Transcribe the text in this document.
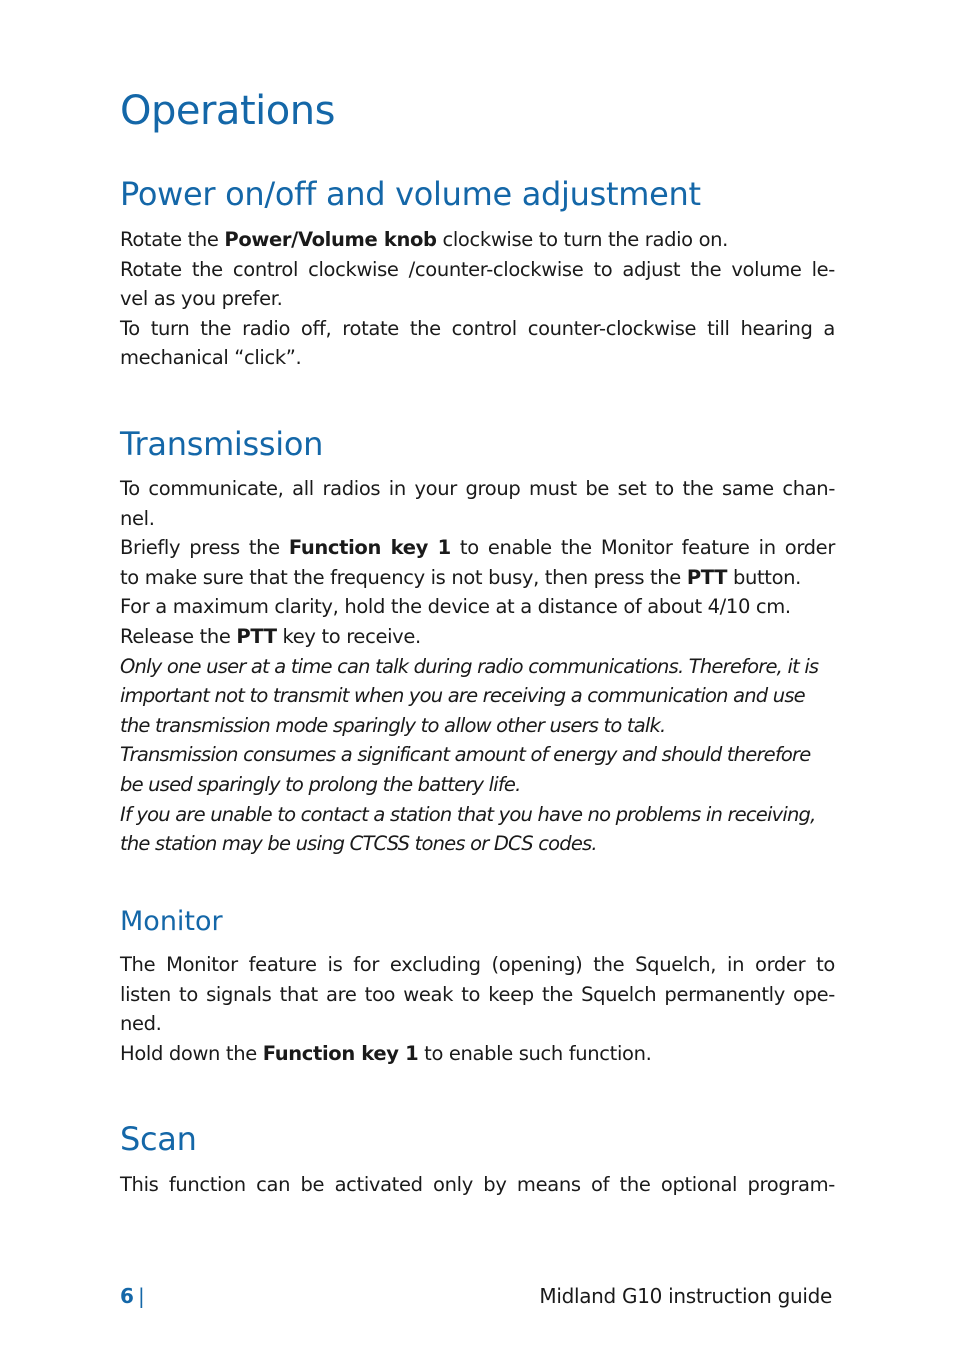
Operations
Power on/off and volume adjustment

Rotate the Power/Volume knob clockwise to turn the radio on.

Rotate the control clockwise /counter-clockwise to adjust the volume le-

vel as you prefer.

To turn the radio off, rotate the control counter-clockwise till hearing a

mechanical “click”.

Transmission

To communicate, all radios in your group must be set to the same chan-

nel.

Briefly press the Function key 1 to enable the Monitor feature in order

to make sure that the frequency is not busy, then press the PTT button.

For a maximum clarity, hold the device at a distance of about 4/10 cm.

Release the PTT key to receive.

Only one user at a time can talk during radio communications. Therefore, it is

important not to transmit when you are receiving a communication and use

the transmission mode sparingly to allow other users to talk.

Transmission consumes a significant amount of energy and should therefore

be used sparingly to prolong the battery life.

If you are unable to contact a station that you have no problems in receiving,

the station may be using CTCSS tones or DCS codes.

Monitor

The Monitor feature is for excluding (opening) the Squelch, in order to

listen to signals that are too weak to keep the Squelch permanently ope-

ned.

Hold down the Function key 1 to enable such function.

Scan

This function can be activated only by means of the optional program-

6 |	Midland G10 instruction guide
